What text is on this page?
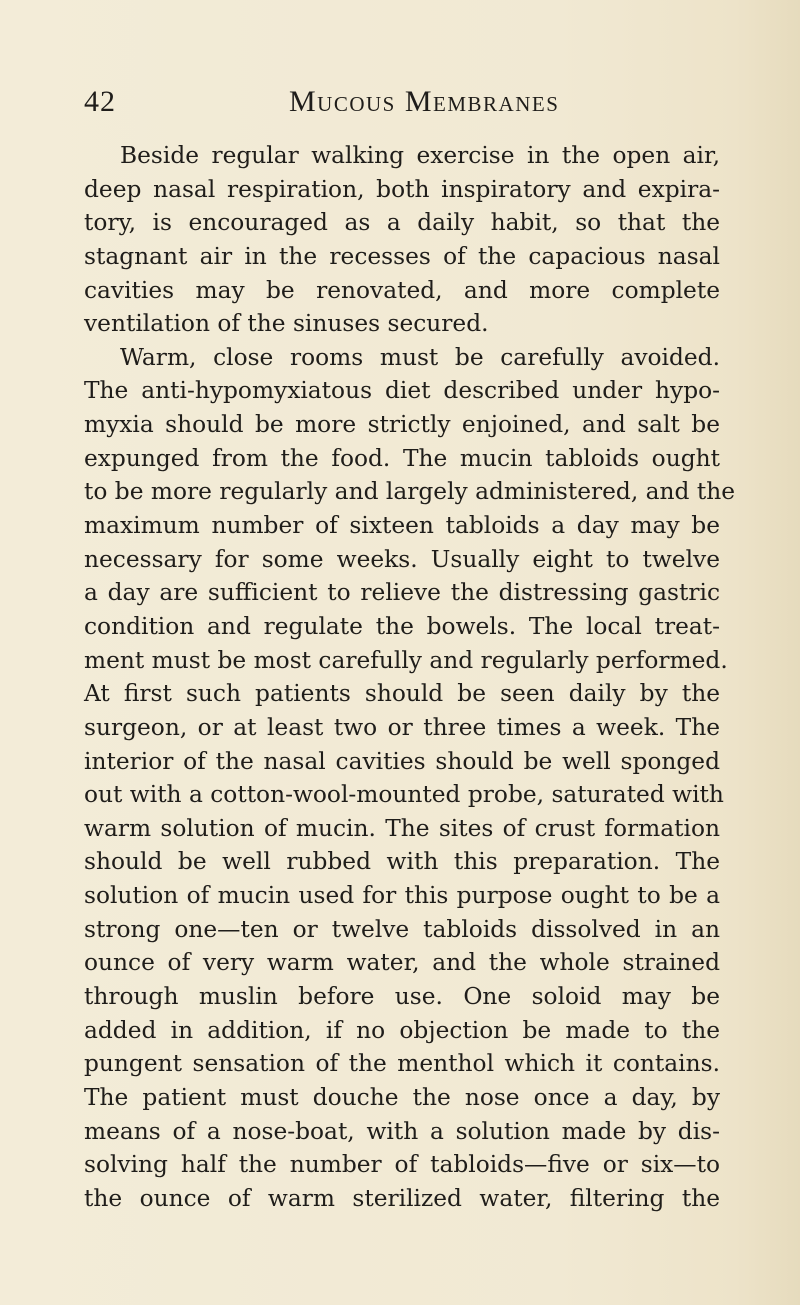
42	Mucous Membranes
Beside regular walking exercise in the open air,
deep nasal respiration, both inspiratory and expira-
tory, is encouraged as a daily habit, so that the
stagnant air in the recesses of the capacious nasal
cavities may be renovated, and more complete
ventilation of the sinuses secured.
Warm, close rooms must be carefully avoided.
The anti-hypomyxiatous diet described under hypo-
myxia should be more strictly enjoined, and salt be
expunged from the food. The mucin tabloids ought
to be more regularly and largely administered, and the
maximum number of sixteen tabloids a day may be
necessary for some weeks. Usually eight to twelve
a day are sufficient to relieve the distressing gastric
condition and regulate the bowels. The local treat-
ment must be most carefully and regularly performed.
At first such patients should be seen daily by the
surgeon, or at least two or three times a week. The
interior of the nasal cavities should be well sponged
out with a cotton-wool-mounted probe, saturated with
warm solution of mucin. The sites of crust formation
should be well rubbed with this preparation. The
solution of mucin used for this purpose ought to be a
strong one—ten or twelve tabloids dissolved in an
ounce of very warm water, and the whole strained
through muslin before use. One soloid may be
added in addition, if no objection be made to the
pungent sensation of the menthol which it contains.
The patient must douche the nose once a day, by
means of a nose-boat, with a solution made by dis-
solving half the number of tabloids—five or six—to
the ounce of warm sterilized water, filtering the
